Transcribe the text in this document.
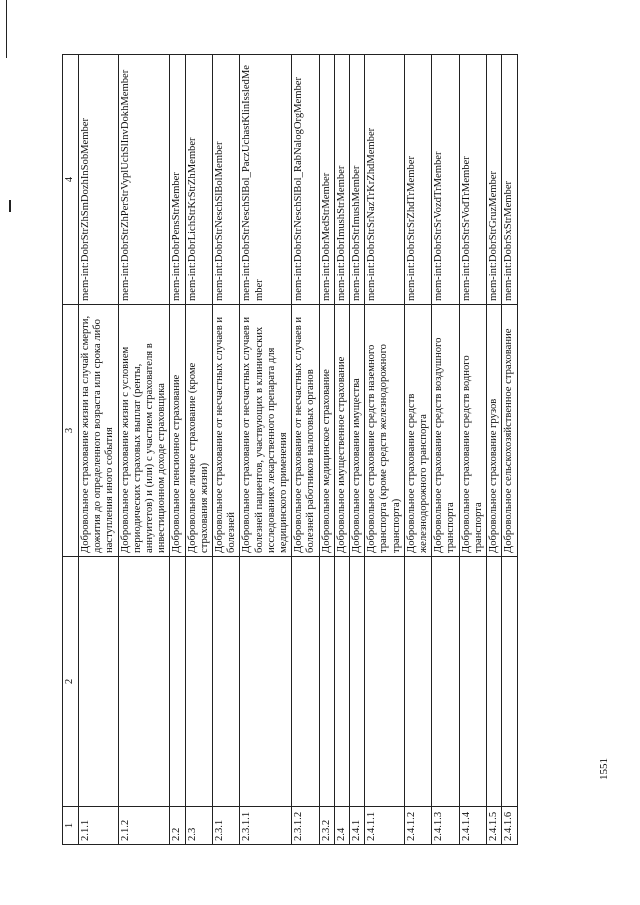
1	2	3	4
2.1.1		Добровольное страхование жизни на случай смерти, дожития до определенного возраста или срока либо наступления иного события	mem-int:DobrStrZhSmDozhInSobMember
2.1.2		Добровольное страхование жизни с условием периодических страховых выплат (ренты, аннуитетов) и (или) с участием страхователя в инвестиционном доходе страховщика	mem-int:DobrStrZhPerStrVyplUchSlInvDokhMember
2.2		Добровольное пенсионное страхование	mem-int:DobrPensStrMember
2.3		Добровольное личное страхование (кроме страхования жизни)	mem-int:DobrLichStrKrStrZhMember
2.3.1		Добровольное страхование от несчастных случаев и болезней	mem-int:DobrStrNeschSlBolMember
2.3.1.1		Добровольное страхование от несчастных случаев и болезней пациентов, участвующих в клинических исследованиях лекарственного препарата для медицинского применения	mem-int:DobrStrNeschSlBol_PaczUchastKlinIssledMember
2.3.1.2		Добровольное страхование от несчастных случаев и болезней работников налоговых органов	mem-int:DobrStrNeschSlBol_RabNalogOrgMember
2.3.2		Добровольное медицинское страхование	mem-int:DobrMedStrMember
2.4		Добровольное имущественное страхование	mem-int:DobrImushStrMember
2.4.1		Добровольное страхование имущества	mem-int:DobrStrImushMember
2.4.1.1		Добровольное страхование средств наземного транспорта (кроме средств железнодорожного транспорта)	mem-int:DobrStrSrNazTrKrZhdMember
2.4.1.2		Добровольное страхование средств железнодорожного транспорта	mem-int:DobrStrSrZhdTrMember
2.4.1.3		Добровольное страхование средств воздушного транспорта	mem-int:DobrStrSrVozdTrMember
2.4.1.4		Добровольное страхование средств водного транспорта	mem-int:DobrStrSrVodTrMember
2.4.1.5		Добровольное страхование грузов	mem-int:DobrStrGruzMember
2.4.1.6		Добровольное сельскохозяйственное страхование	mem-int:DobrSxStrMember
1551
